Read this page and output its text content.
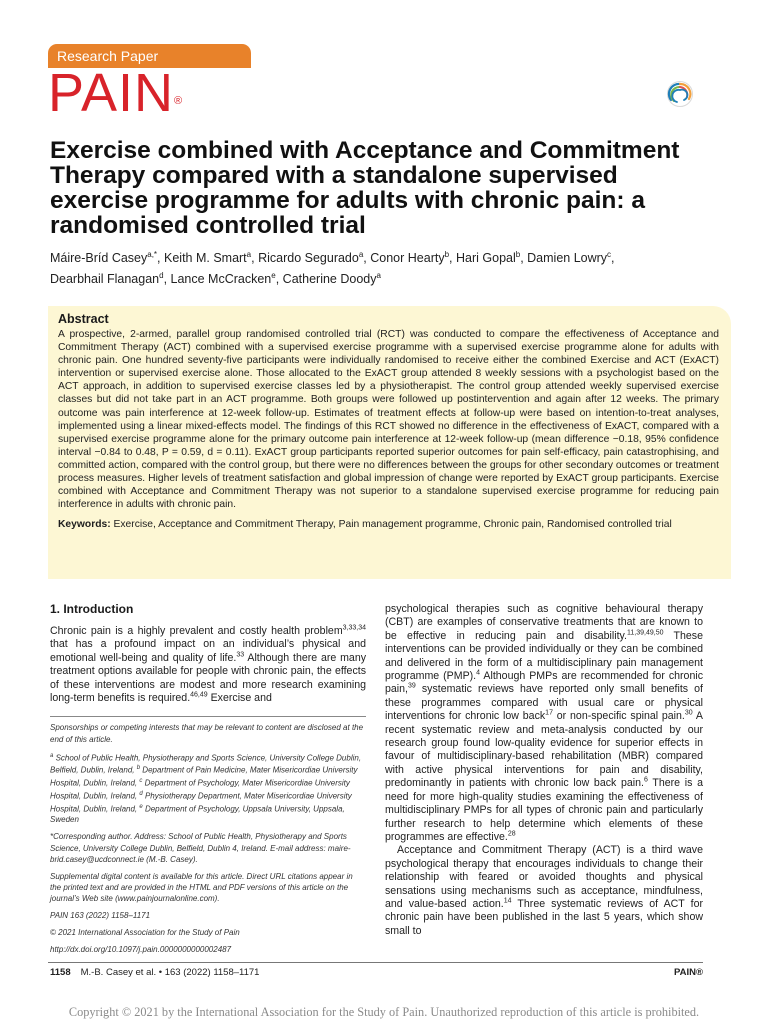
Research Paper
PAIN®
Exercise combined with Acceptance and Commitment Therapy compared with a standalone supervised exercise programme for adults with chronic pain: a randomised controlled trial
Máire-Bríd Casey$^{a,*}$, Keith M. Smart$^a$, Ricardo Segurado$^a$, Conor Hearty$^b$, Hari Gopal$^b$, Damien Lowry$^c$,
Dearbhail Flanagan$^d$, Lance McCracken$^e$, Catherine Doody$^a$
Abstract

A prospective, 2-armed, parallel group randomised controlled trial (RCT) was conducted to compare the effectiveness of Acceptance and Commitment Therapy (ACT) combined with a supervised exercise programme with a supervised exercise programme alone for adults with chronic pain. One hundred seventy-five participants were individually randomised to receive either the combined Exercise and ACT (ExACT) intervention or supervised exercise alone. Those allocated to the ExACT group attended 8 weekly sessions with a psychologist based on the ACT approach, in addition to supervised exercise classes led by a physiotherapist. The control group attended weekly supervised exercise classes but did not take part in an ACT programme. Both groups were followed up postintervention and again after 12 weeks. The primary outcome was pain interference at 12-week follow-up. Estimates of treatment effects at follow-up were based on intention-to-treat analyses, implemented using a linear mixed-effects model. The findings of this RCT showed no difference in the effectiveness of ExACT, compared with a supervised exercise programme alone for the primary outcome pain interference at 12-week follow-up (mean difference −0.18, 95% confidence interval −0.84 to 0.48, P = 0.59, d = 0.11). ExACT group participants reported superior outcomes for pain self-efficacy, pain catastrophising, and committed action, compared with the control group, but there were no differences between the groups for other secondary outcomes or treatment process measures. Higher levels of treatment satisfaction and global impression of change were reported by ExACT group participants. Exercise combined with Acceptance and Commitment Therapy was not superior to a standalone supervised exercise programme for reducing pain interference in adults with chronic pain.

Keywords: Exercise, Acceptance and Commitment Therapy, Pain management programme, Chronic pain, Randomised controlled trial

1. Introduction

Chronic pain is a highly prevalent and costly health problem$^{3,33,34}$ that has a profound impact on an individual’s physical and emotional well-being and quality of life.$^{33}$ Although there are many treatment options available for people with chronic pain, the effects of these interventions are modest and more research examining long-term benefits is required.$^{46,49}$ Exercise and

Sponsorships or competing interests that may be relevant to content are disclosed at the end of this article.

$^a$ School of Public Health, Physiotherapy and Sports Science, University College Dublin, Belfield, Dublin, Ireland, $^b$ Department of Pain Medicine, Mater Misericordiae University Hospital, Dublin, Ireland, $^c$ Department of Psychology, Mater Misericordiae University Hospital, Dublin, Ireland, $^d$ Physiotherapy Department, Mater Misericordiae University Hospital, Dublin, Ireland, $^e$ Department of Psychology, Uppsala University, Uppsala, Sweden

*Corresponding author. Address: School of Public Health, Physiotherapy and Sports Science, University College Dublin, Belfield, Dublin 4, Ireland. E-mail address: maire-brid.casey@ucdconnect.ie (M.-B. Casey).

Supplemental digital content is available for this article. Direct URL citations appear in the printed text and are provided in the HTML and PDF versions of this article on the journal’s Web site (www.painjournalonline.com).

PAIN 163 (2022) 1158–1171

© 2021 International Association for the Study of Pain

http://dx.doi.org/10.1097/j.pain.0000000000002487

psychological therapies such as cognitive behavioural therapy (CBT) are examples of conservative treatments that are known to be effective in reducing pain and disability.$^{11,39,49,50}$ These interventions can be provided individually or they can be combined and delivered in the form of a multidisciplinary pain management programme (PMP).$^4$ Although PMPs are recommended for chronic pain,$^{39}$ systematic reviews have reported only small benefits of these programmes compared with usual care or physical interventions for chronic low back$^{17}$ or non-specific spinal pain.$^{30}$ A recent systematic review and meta-analysis conducted by our research group found low-quality evidence for superior effects in favour of multidisciplinary-based rehabilitation (MBR) compared with active physical interventions for pain and disability, predominantly in patients with chronic low back pain.$^6$ There is a need for more high-quality studies examining the effectiveness of multidisciplinary PMPs for all types of chronic pain and particularly further research to help determine which elements of these programmes are effective.$^{28}$

Acceptance and Commitment Therapy (ACT) is a third wave psychological therapy that encourages individuals to change their relationship with feared or avoided thoughts and physical sensations using mechanisms such as acceptance, mindfulness, and value-based action.$^{14}$ Three systematic reviews of ACT for chronic pain have been published in the last 5 years, which show small to

1158 M.-B. Casey et al. • 163 (2022) 1158–1171	PAIN®
Copyright © 2021 by the International Association for the Study of Pain. Unauthorized reproduction of this article is prohibited.
